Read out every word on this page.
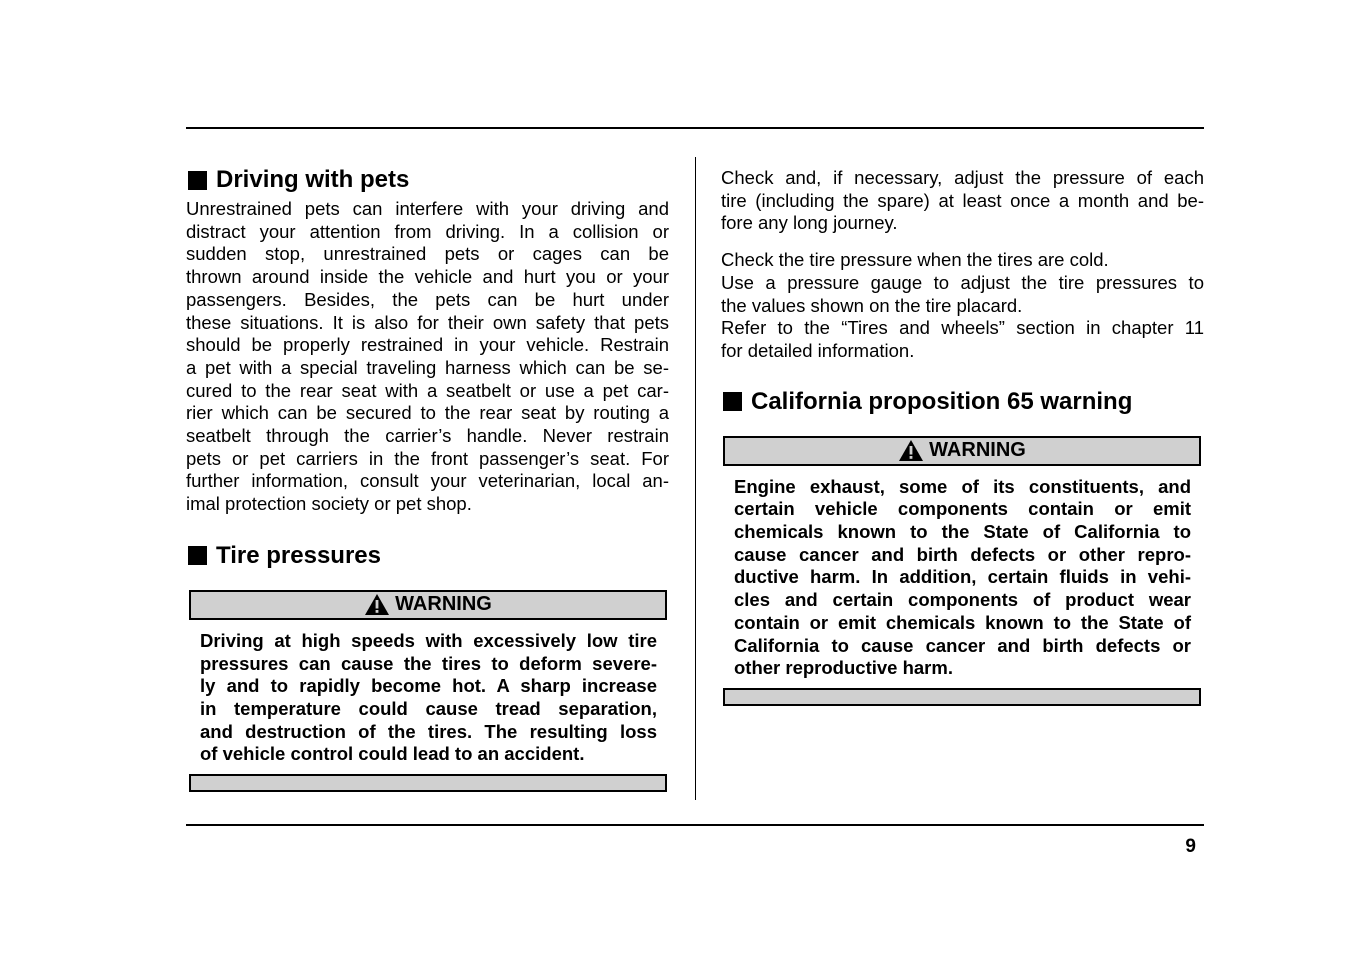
9
Driving with pets
Unrestrained pets can interfere with your driving and
distract your attention from driving. In a collision or
sudden stop, unrestrained pets or cages can be
thrown around inside the vehicle and hurt you or your
passengers. Besides, the pets can be hurt under
these situations. It is also for their own safety that pets
should be properly restrained in your vehicle. Restrain
a pet with a special traveling harness which can be se-
cured to the rear seat with a seatbelt or use a pet car-
rier which can be secured to the rear seat by routing a
seatbelt through the carrier’s handle. Never restrain
pets or pet carriers in the front passenger’s seat. For
further information, consult your veterinarian, local an-
imal protection society or pet shop.
Tire pressures
WARNING
Driving at high speeds with excessively low tire
pressures can cause the tires to deform severe-
ly and to rapidly become hot. A sharp increase
in temperature could cause tread separation,
and destruction of the tires. The resulting loss
of vehicle control could lead to an accident.
Check and, if necessary, adjust the pressure of each
tire (including the spare) at least once a month and be-
fore any long journey.
Check the tire pressure when the tires are cold.
Use a pressure gauge to adjust the tire pressures to
the values shown on the tire placard.
Refer to the “Tires and wheels” section in chapter 11
for detailed information.
California proposition 65 warning
WARNING
Engine exhaust, some of its constituents, and
certain vehicle components contain or emit
chemicals known to the State of California to
cause cancer and birth defects or other repro-
ductive harm. In addition, certain fluids in vehi-
cles and certain components of product wear
contain or emit chemicals known to the State of
California to cause cancer and birth defects or
other reproductive harm.
